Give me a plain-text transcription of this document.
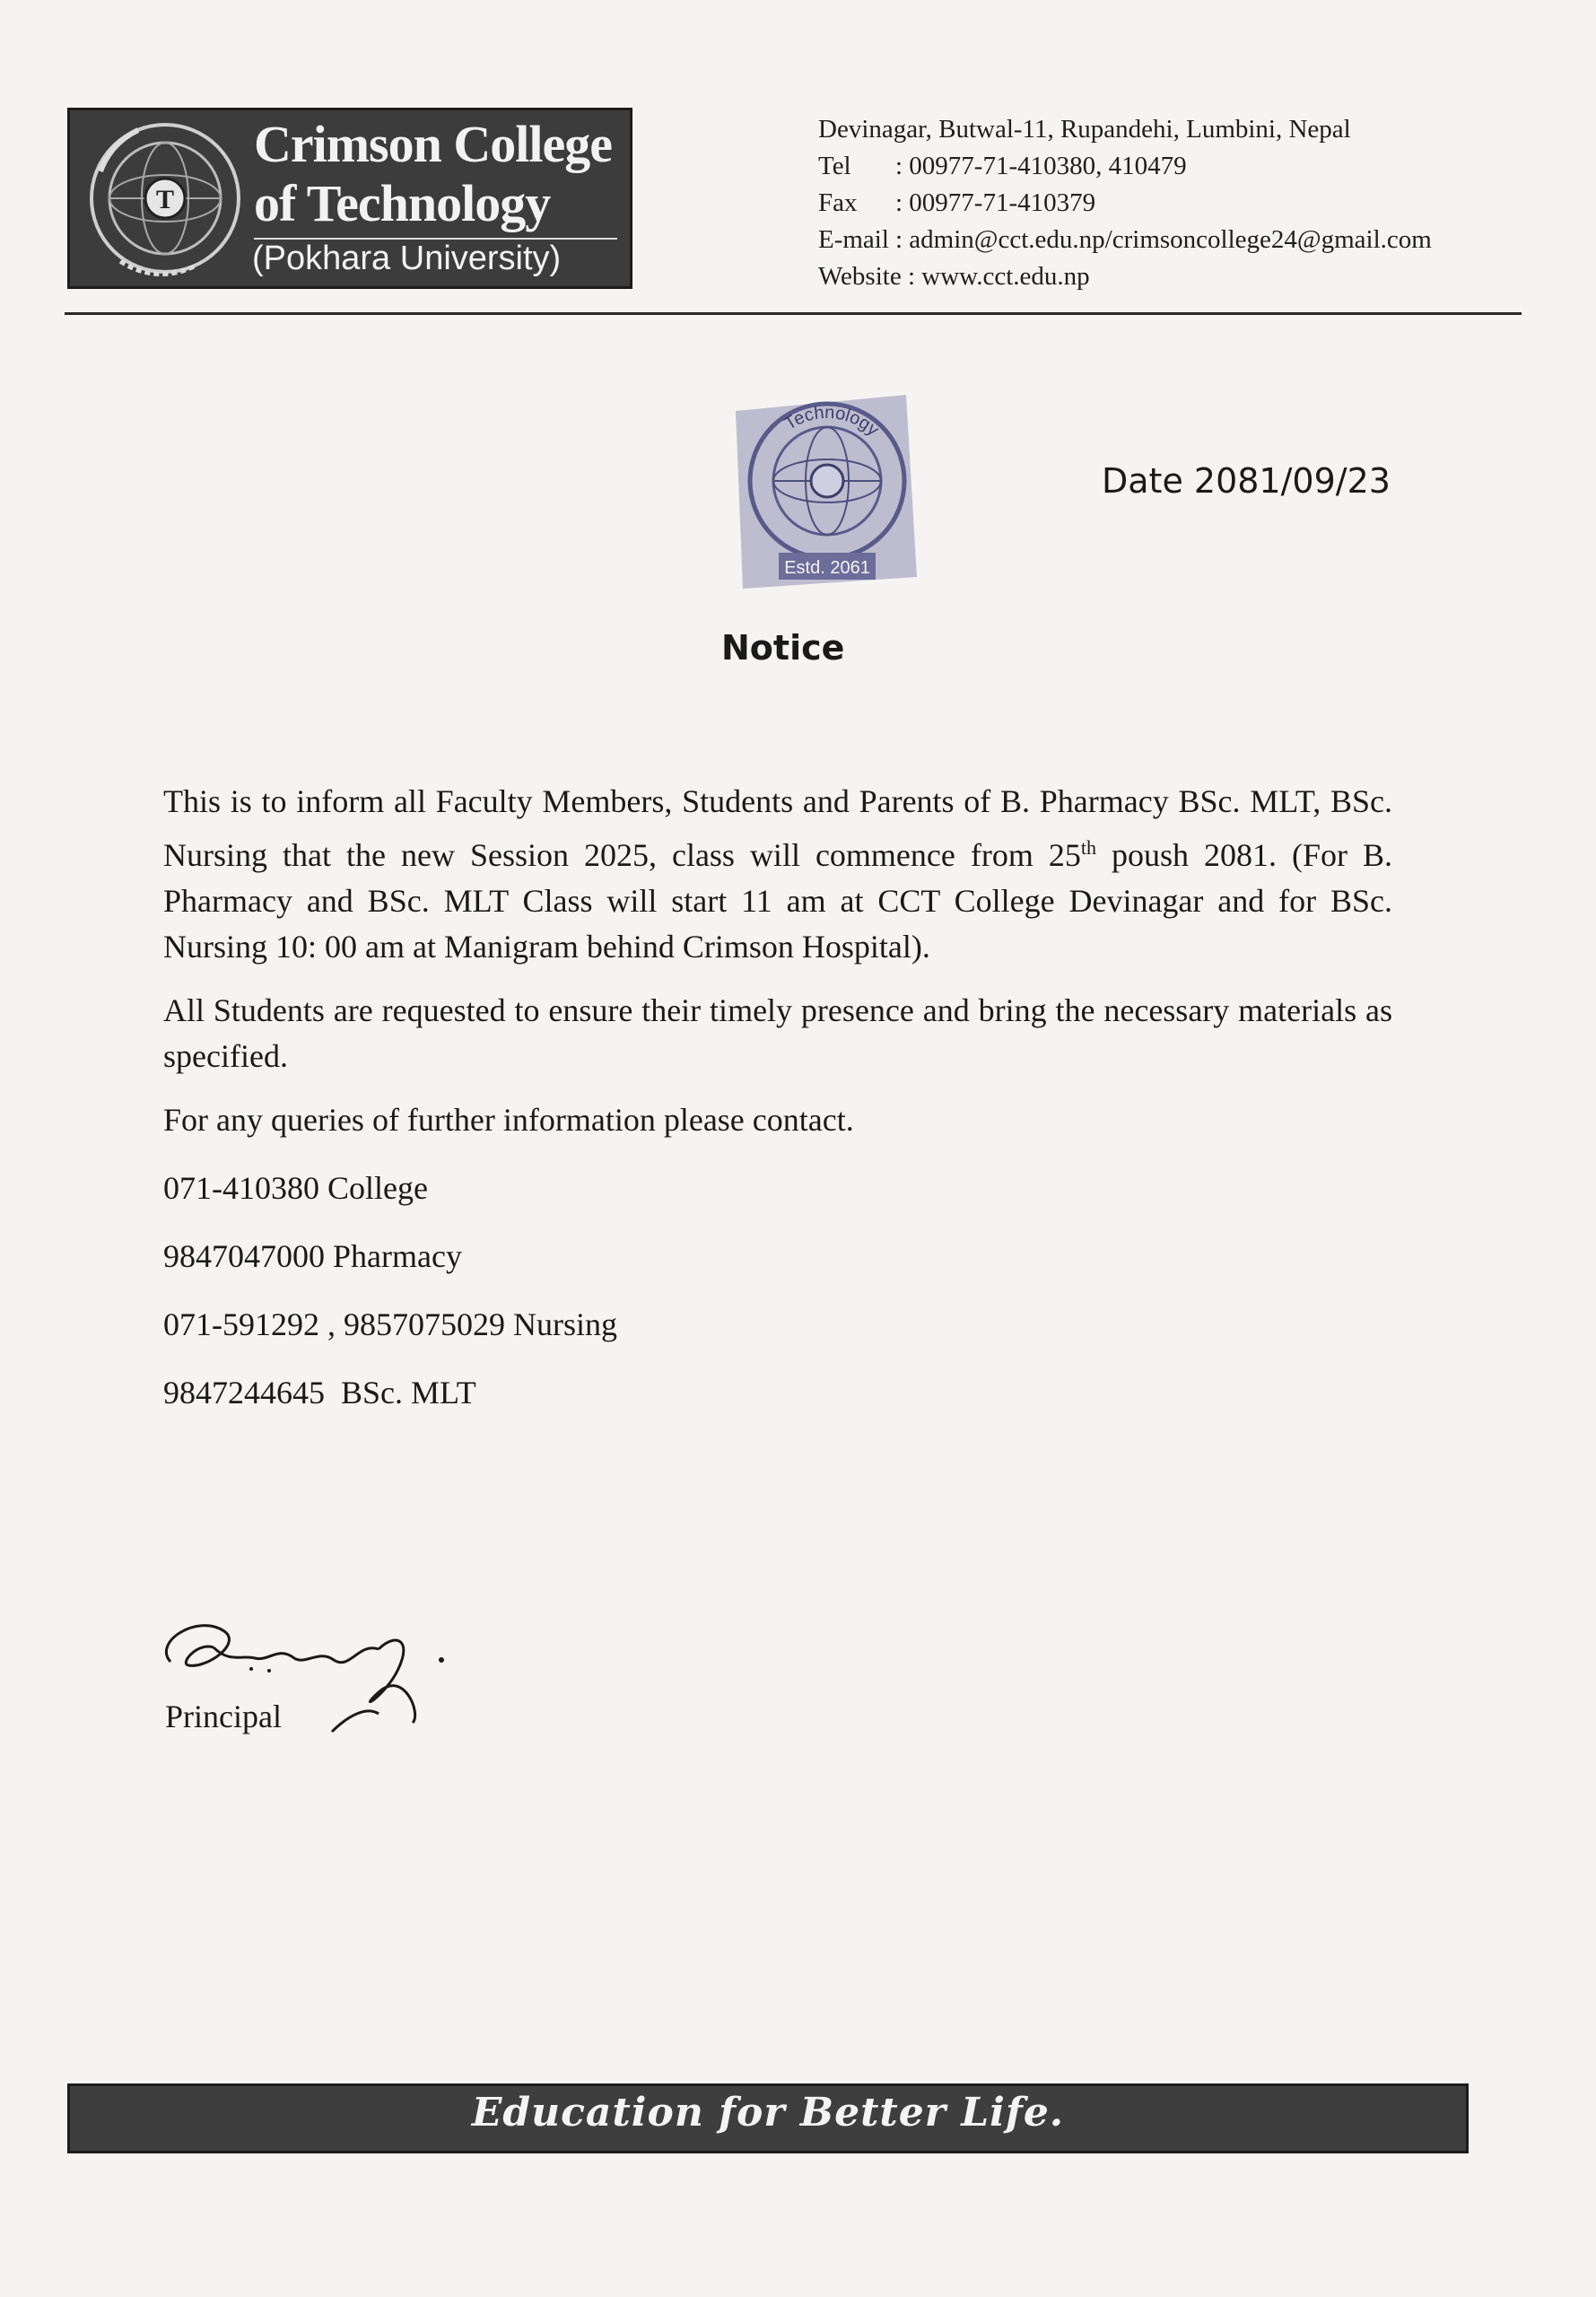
T
Crimson College
of Technology
(Pokhara University)
Devinagar, Butwal-11, Rupandehi, Lumbini, Nepal
Tel : 00977-71-410380, 410479
Fax : 00977-71-410379
E-mail : admin@cct.edu.np/crimsoncollege24@gmail.com
Website : www.cct.edu.np
Technology
Estd. 2061
Date 2081/09/23
Notice

This is to inform all Faculty Members, Students and Parents of B. Pharmacy BSc. MLT, BSc. Nursing that the new Session 2025, class will commence from 25th poush 2081. (For B. Pharmacy and BSc. MLT Class will start 11 am at CCT College Devinagar and for BSc. Nursing 10: 00 am at Manigram behind Crimson Hospital).

All Students are requested to ensure their timely presence and bring the necessary materials as specified.

For any queries of further information please contact.

071-410380 College

9847047000 Pharmacy

071-591292 , 9857075029 Nursing

9847244645  BSc. MLT

Principal
Education for Better Life.
